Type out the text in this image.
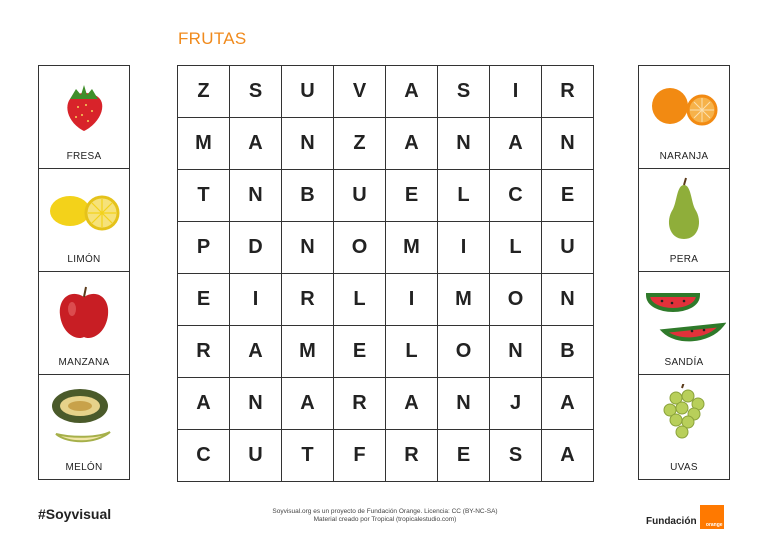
FRUTAS
FRESA
LIMÓN
MANZANA
MELÓN
Z	S	U	V	A	S	I	R
M	A	N	Z	A	N	A	N
T	N	B	U	E	L	C	E
P	D	N	O	M	I	L	U
E	I	R	L	I	M	O	N
R	A	M	E	L	O	N	B
A	N	A	R	A	N	J	A
C	U	T	F	R	E	S	A
NARANJA
PERA
SANDÍA
UVAS
#Soyvisual	Soyvisual.org es un proyecto de Fundación Orange. Licencia: CC (BY-NC-SA)
Material creado por Tropical (tropicalestudio.com)	Fundación orange
